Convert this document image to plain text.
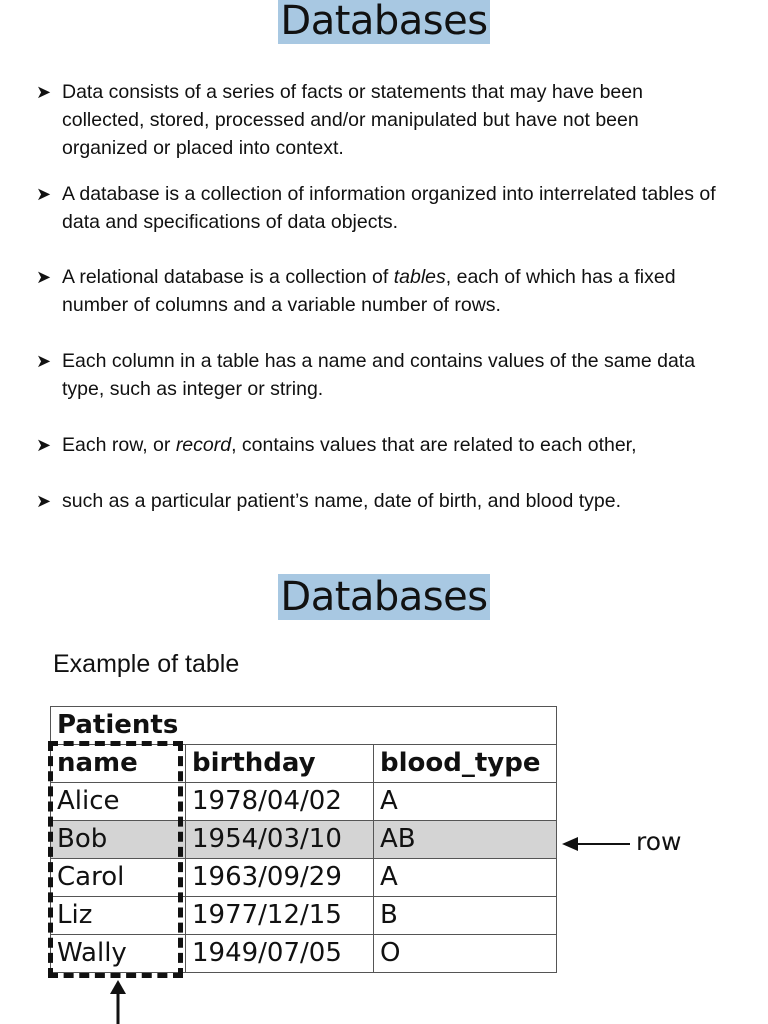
Databases
➤ Data consists of a series of facts or statements that may have been collected, stored, processed and/or manipulated but have not been organized or placed into context.
➤ A database is a collection of information organized into interrelated tables of data and specifications of data objects.
➤ A relational database is a collection of tables, each of which has a fixed number of columns and a variable number of rows.
➤ Each column in a table has a name and contains values of the same data type, such as integer or string.
➤ Each row, or record, contains values that are related to each other,
➤ such as a particular patient’s name, date of birth, and blood type.
Databases
Example of table
Patients		
name	birthday	blood_type
Alice	1978/04/02	A
Bob	1954/03/10	AB
Carol	1963/09/29	A
Liz	1977/12/15	B
Wally	1949/07/05	O
row
